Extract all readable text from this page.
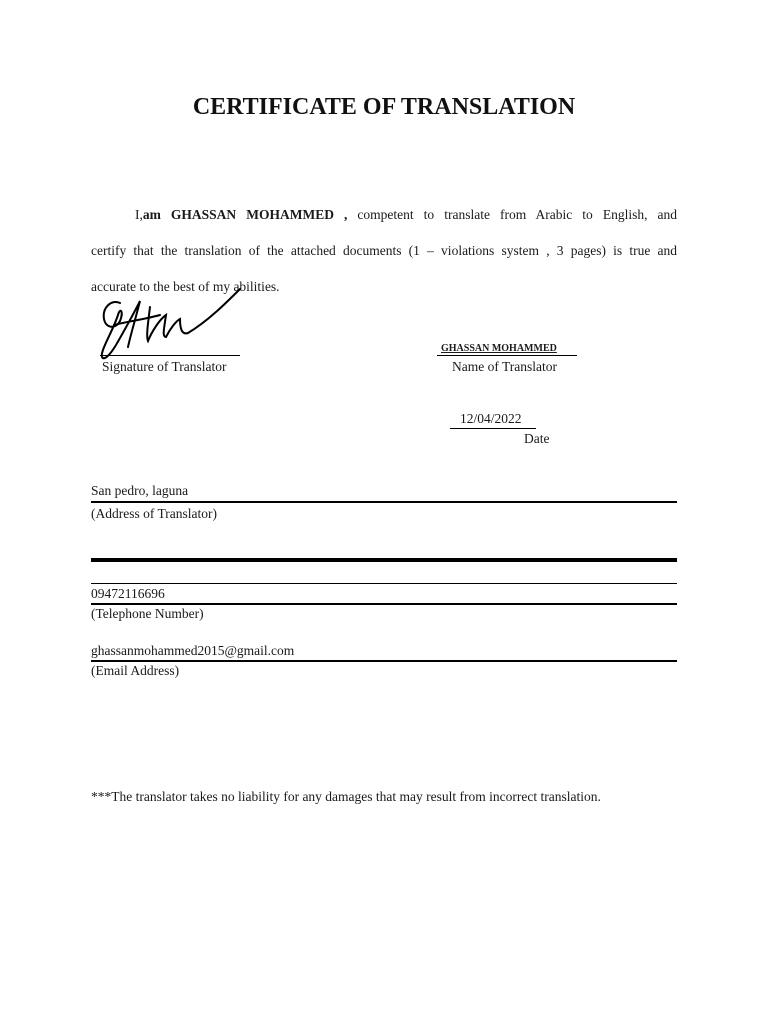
CERTIFICATE OF TRANSLATION
I,am GHASSAN MOHAMMED , competent to translate from Arabic to English, and
certify that the translation of the attached documents (1 – violations system , 3 pages) is true and
accurate to the best of my abilities.
Signature of Translator
GHASSAN MOHAMMED
Name of Translator
12/04/2022
Date
San pedro, laguna
(Address of Translator)
09472116696
(Telephone Number)
ghassanmohammed2015@gmail.com
(Email Address)
***The translator takes no liability for any damages that may result from incorrect translation.
